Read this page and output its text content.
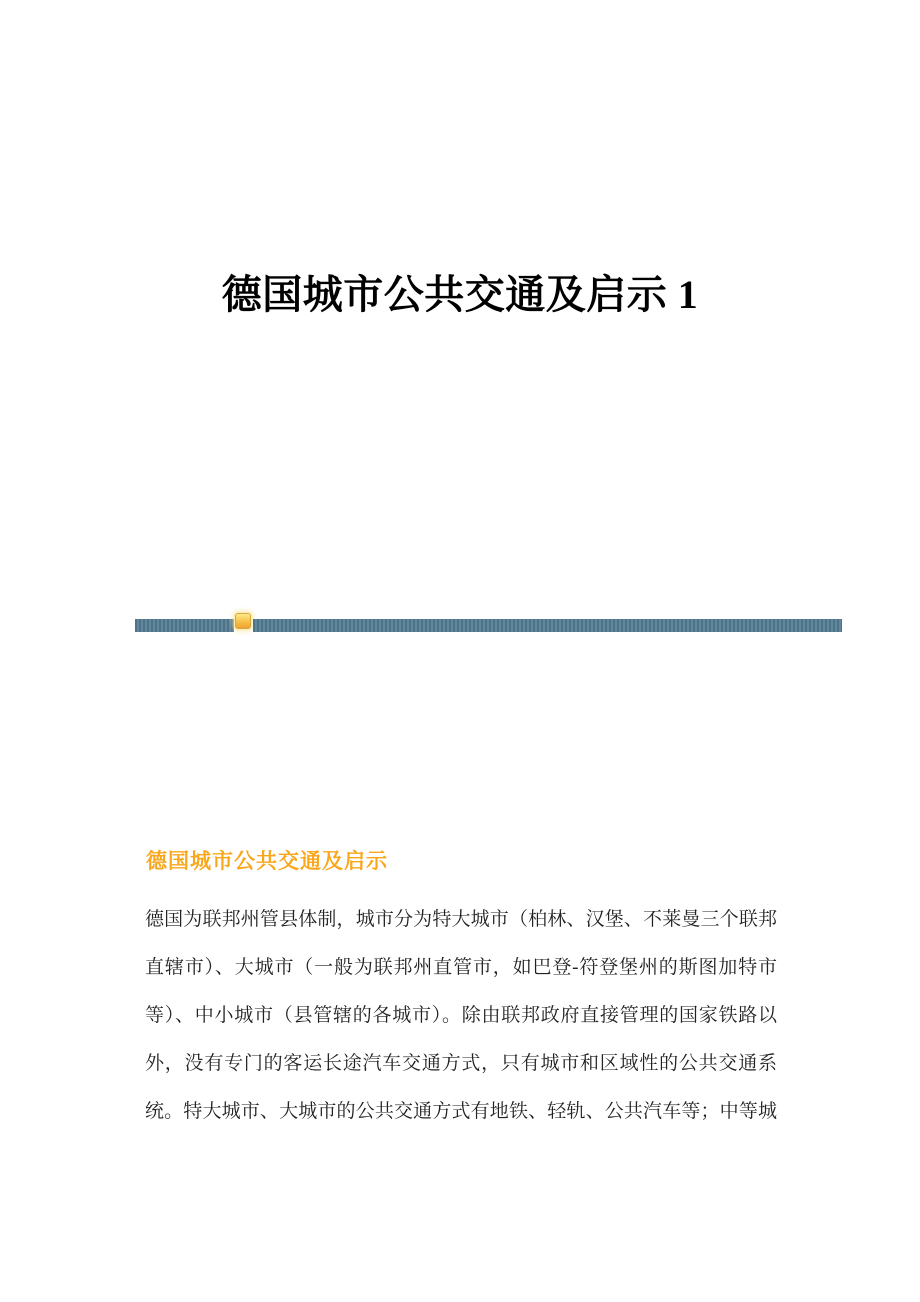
德国城市公共交通及启示 1
德国城市公共交通及启示
德国为联邦州管县体制，城市分为特大城市（柏林、汉堡、不莱曼三个联邦
直辖市）、大城市（一般为联邦州直管市，如巴登-符登堡州的斯图加特市
等）、中小城市（县管辖的各城市）。除由联邦政府直接管理的国家铁路以
外，没有专门的客运长途汽车交通方式，只有城市和区域性的公共交通系
统。特大城市、大城市的公共交通方式有地铁、轻轨、公共汽车等；中等城
